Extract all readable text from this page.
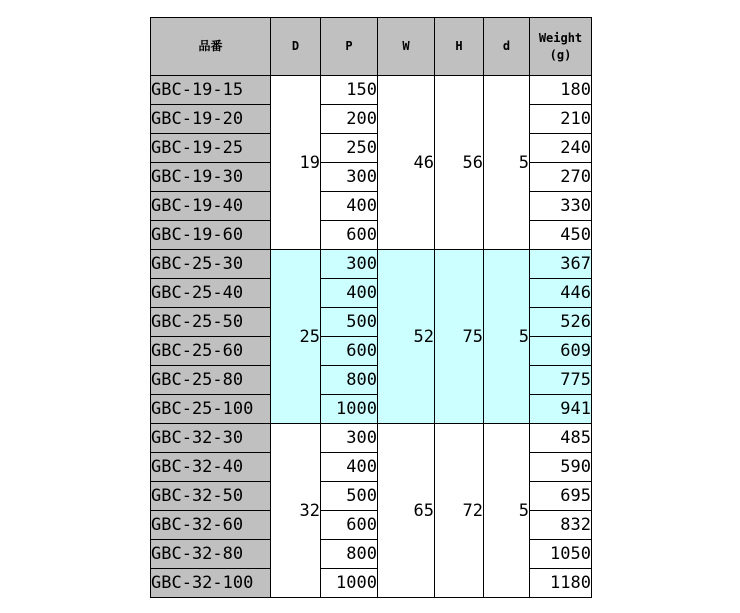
品番	D	P	W	H	d	Weight
(g)
GBC-19-15	19	150	46	56	5	180
GBC-19-20		200				210
GBC-19-25		250				240
GBC-19-30		300				270
GBC-19-40		400				330
GBC-19-60		600				450
GBC-25-30	25	300	52	75	5	367
GBC-25-40		400				446
GBC-25-50		500				526
GBC-25-60		600				609
GBC-25-80		800				775
GBC-25-100		1000				941
GBC-32-30	32	300	65	72	5	485
GBC-32-40		400				590
GBC-32-50		500				695
GBC-32-60		600				832
GBC-32-80		800				1050
GBC-32-100		1000				1180
